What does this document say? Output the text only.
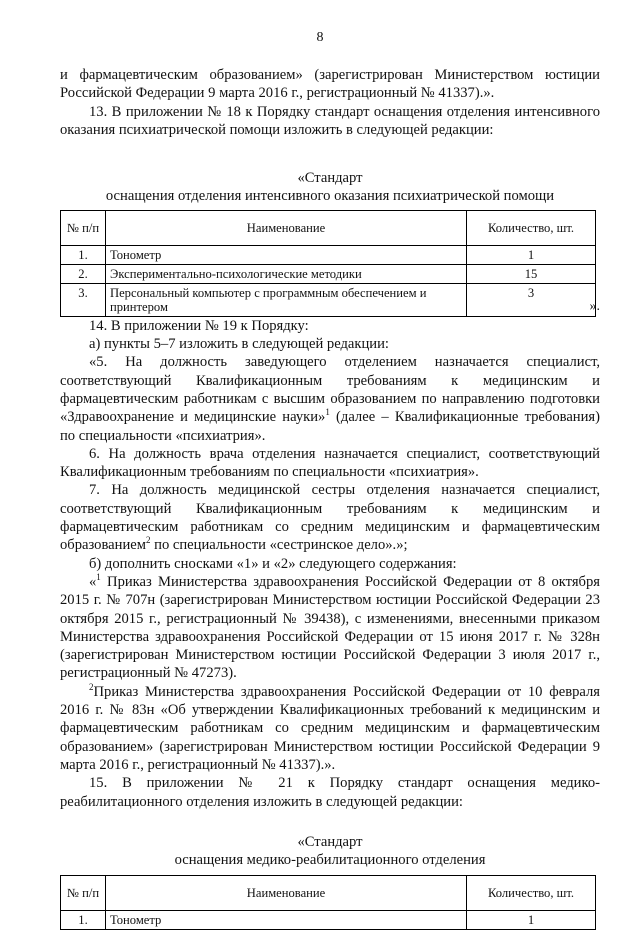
8

и фармацевтическим образованием» (зарегистрирован Министерством юстиции Российской Федерации 9 марта 2016 г., регистрационный № 41337).».

13. В приложении № 18 к Порядку стандарт оснащения отделения интенсивного оказания психиатрической помощи изложить в следующей редакции:

«Стандарт

оснащения отделения интенсивного оказания психиатрической помощи

№ п/п	Наименование	Количество, шт.
1.	Тонометр	1
2.	Экспериментально-психологические методики	15
3.	Персональный компьютер с программным обеспечением и принтером	3
».

14. В приложении № 19 к Порядку:

а) пункты 5–7 изложить в следующей редакции:

«5. На должность заведующего отделением назначается специалист, соответствующий Квалификационным требованиям к медицинским и фармацевтическим работникам с высшим образованием по направлению подготовки «Здравоохранение и медицинские науки»$^1$ (далее – Квалификационные требования) по специальности «психиатрия».

6. На должность врача отделения назначается специалист, соответствующий Квалификационным требованиям по специальности «психиатрия».

7. На должность медицинской сестры отделения назначается специалист, соответствующий Квалификационным требованиям к медицинским и фармацевтическим работникам со средним медицинским и фармацевтическим образованием$^2$ по специальности «сестринское дело».»;

б) дополнить сносками «1» и «2» следующего содержания:

«$^1$ Приказ Министерства здравоохранения Российской Федерации от 8 октября 2015 г. № 707н (зарегистрирован Министерством юстиции Российской Федерации 23 октября 2015 г., регистрационный № 39438), с изменениями, внесенными приказом Министерства здравоохранения Российской Федерации от 15 июня 2017 г. № 328н (зарегистрирован Министерством юстиции Российской Федерации 3 июля 2017 г., регистрационный № 47273).

$^2$Приказ Министерства здравоохранения Российской Федерации от 10 февраля 2016 г. № 83н «Об утверждении Квалификационных требований к медицинским и фармацевтическим работникам со средним медицинским и фармацевтическим образованием» (зарегистрирован Министерством юстиции Российской Федерации 9 марта 2016 г., регистрационный № 41337).».

15. В приложении № 21 к Порядку стандарт оснащения медико-реабилитационного отделения изложить в следующей редакции:

«Стандарт

оснащения медико-реабилитационного отделения

№ п/п	Наименование	Количество, шт.
1.	Тонометр	1
